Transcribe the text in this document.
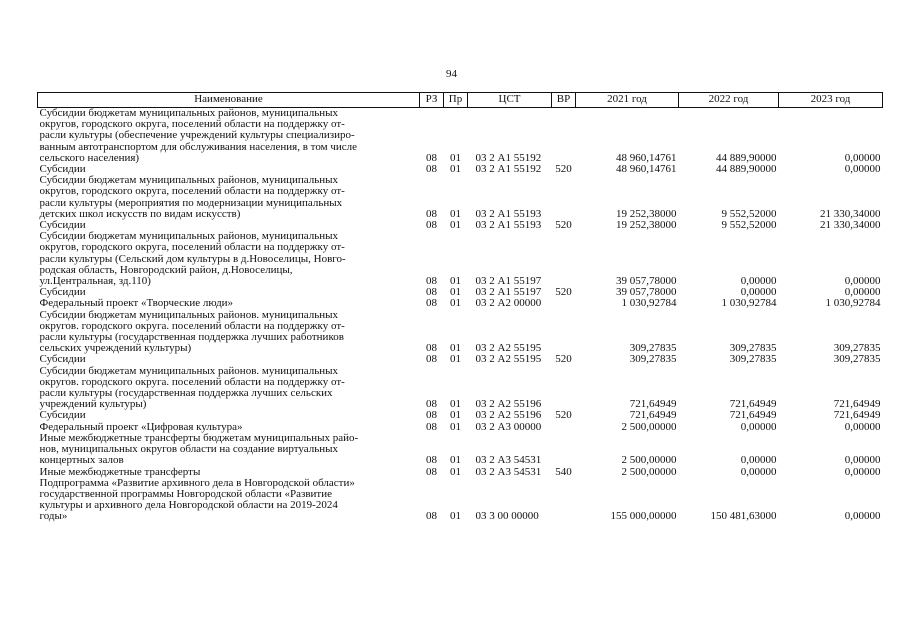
94
Наименование	РЗ	Пр	ЦСТ	ВР	2021 год	2022 год	2023 год
Субсидии бюджетам муниципальных районов, муниципальных
округов, городского округа, поселений области на поддержку от-
расли культуры (обеспечение учреждений культуры специализиро-
ванным автотранспортом для обслуживания населения, в том числе
сельского населения)	08	01	03 2 А1 55192		48 960,14761	44 889,90000	0,00000
Субсидии	08	01	03 2 А1 55192	520	48 960,14761	44 889,90000	0,00000
Субсидии бюджетам муниципальных районов, муниципальных
округов, городского округа, поселений области на поддержку от-
расли культуры (мероприятия по модернизации муниципальных
детских школ искусств по видам искусств)	08	01	03 2 А1 55193		19 252,38000	9 552,52000	21 330,34000
Субсидии	08	01	03 2 А1 55193	520	19 252,38000	9 552,52000	21 330,34000
Субсидии бюджетам муниципальных районов, муниципальных
округов, городского округа, поселений области на поддержку от-
расли культуры (Сельский дом культуры в д.Новоселицы, Новго-
родская область, Новгородский район, д.Новоселицы,
ул.Центральная, зд.110)	08	01	03 2 А1 55197		39 057,78000	0,00000	0,00000
Субсидии	08	01	03 2 А1 55197	520	39 057,78000	0,00000	0,00000
Федеральный проект «Творческие люди»	08	01	03 2 А2 00000		1 030,92784	1 030,92784	1 030,92784
Субсидии бюджетам муниципальных районов. муниципальных
округов. городского округа. поселений области на поддержку от-
расли культуры (государственная поддержка лучших работников
сельских учреждений культуры)	08	01	03 2 А2 55195		309,27835	309,27835	309,27835
Субсидии	08	01	03 2 А2 55195	520	309,27835	309,27835	309,27835
Субсидии бюджетам муниципальных районов. муниципальных
округов. городского округа. поселений области на поддержку от-
расли культуры (государственная поддержка лучших сельских
учреждений культуры)	08	01	03 2 А2 55196		721,64949	721,64949	721,64949
Субсидии	08	01	03 2 А2 55196	520	721,64949	721,64949	721,64949
Федеральный проект «Цифровая культура»	08	01	03 2 А3 00000		2 500,00000	0,00000	0,00000
Иные межбюджетные трансферты бюджетам муниципальных райо-
нов, муниципальных округов области на создание виртуальных
концертных залов	08	01	03 2 А3 54531		2 500,00000	0,00000	0,00000
Иные межбюджетные трансферты	08	01	03 2 А3 54531	540	2 500,00000	0,00000	0,00000
Подпрограмма «Развитие архивного дела в Новгородской области»
государственной программы Новгородской области «Развитие
культуры и архивного дела Новгородской области на 2019-2024
годы»	08	01	03 3 00 00000		155 000,00000	150 481,63000	0,00000
